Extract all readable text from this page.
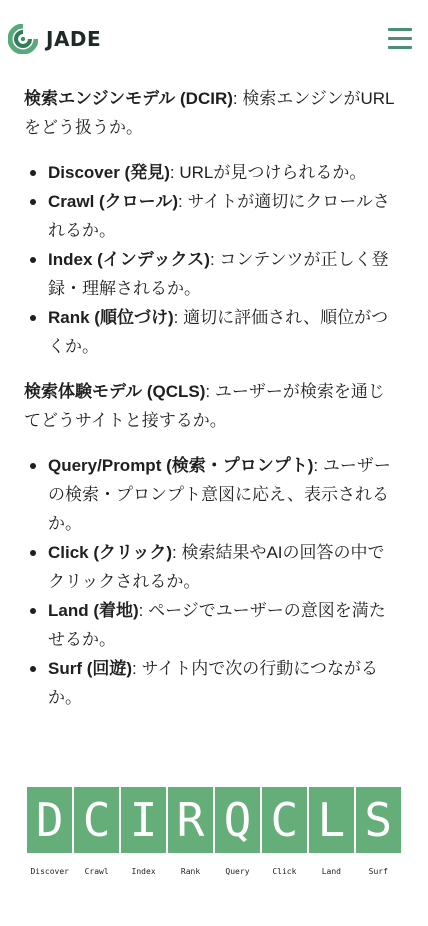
JADE

検索エンジンモデル (DCIR): 検索エンジンがURLをどう扱うか。

Discover (発見): URLが見つけられるか。
Crawl (クロール): サイトが適切にクロールされるか。
Index (インデックス): コンテンツが正しく登録・理解されるか。
Rank (順位づけ): 適切に評価され、順位がつくか。

検索体験モデル (QCLS): ユーザーが検索を通じてどうサイトと接するか。

Query/Prompt (検索・プロンプト): ユーザーの検索・プロンプト意図に応え、表示されるか。
Click (クリック): 検索結果やAIの回答の中でクリックされるか。
Land (着地): ページでユーザーの意図を満たせるか。
Surf (回遊): サイト内で次の行動につながるか。
D C I R Q C L S
Discover	Crawl	Index	Rank	Query	Click	Land	Surf
